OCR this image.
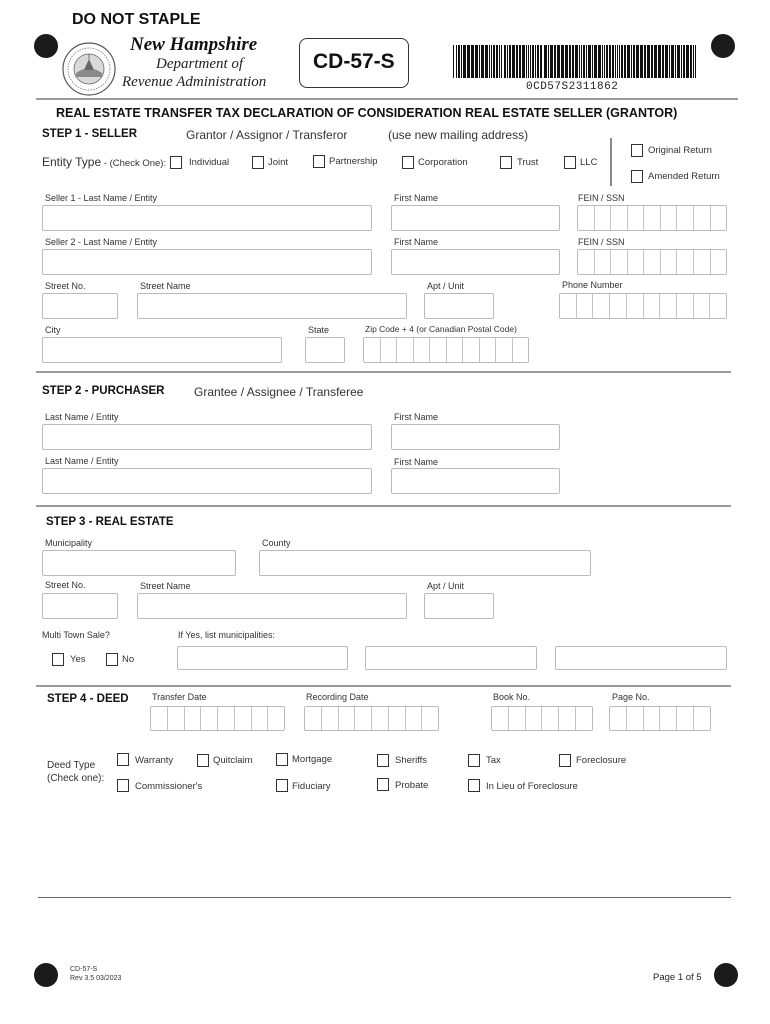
DO NOT STAPLE
New Hampshire
Department of
Revenue Administration
CD-57-S
0CD57S2311862
REAL ESTATE TRANSFER TAX DECLARATION OF CONSIDERATION REAL ESTATE SELLER (GRANTOR)
STEP 1 - SELLER	Grantor / Assignor / Transferor	(use new mailing address)
Entity Type - (Check One): Individual	Joint	Partnership	Corporation	Trust	LLC
Original Return
Amended Return
Seller 1 - Last Name / Entity	First Name	FEIN / SSN
Seller 2 - Last Name / Entity	First Name	FEIN / SSN
Street No.	Street Name	Apt / Unit	Phone Number
City	State	Zip Code + 4 (or Canadian Postal Code)
STEP 2 - PURCHASER Grantee / Assignee / Transferee
Last Name / Entity	First Name
Last Name / Entity	First Name
STEP 3 - REAL ESTATE
Municipality	County
Street No.	Street Name	Apt / Unit
Multi Town Sale?	If Yes, list municipalities:
Yes	No
STEP 4 - DEED	Transfer Date	Recording Date	Book No.	Page No.
Deed Type
(Check one):
Warranty	Quitclaim	Mortgage	Sheriffs	Tax	Foreclosure
Commissioner's	Fiduciary	Probate	In Lieu of Foreclosure
CD-57-S
Rev 3.5 03/2023	Page 1 of 5
